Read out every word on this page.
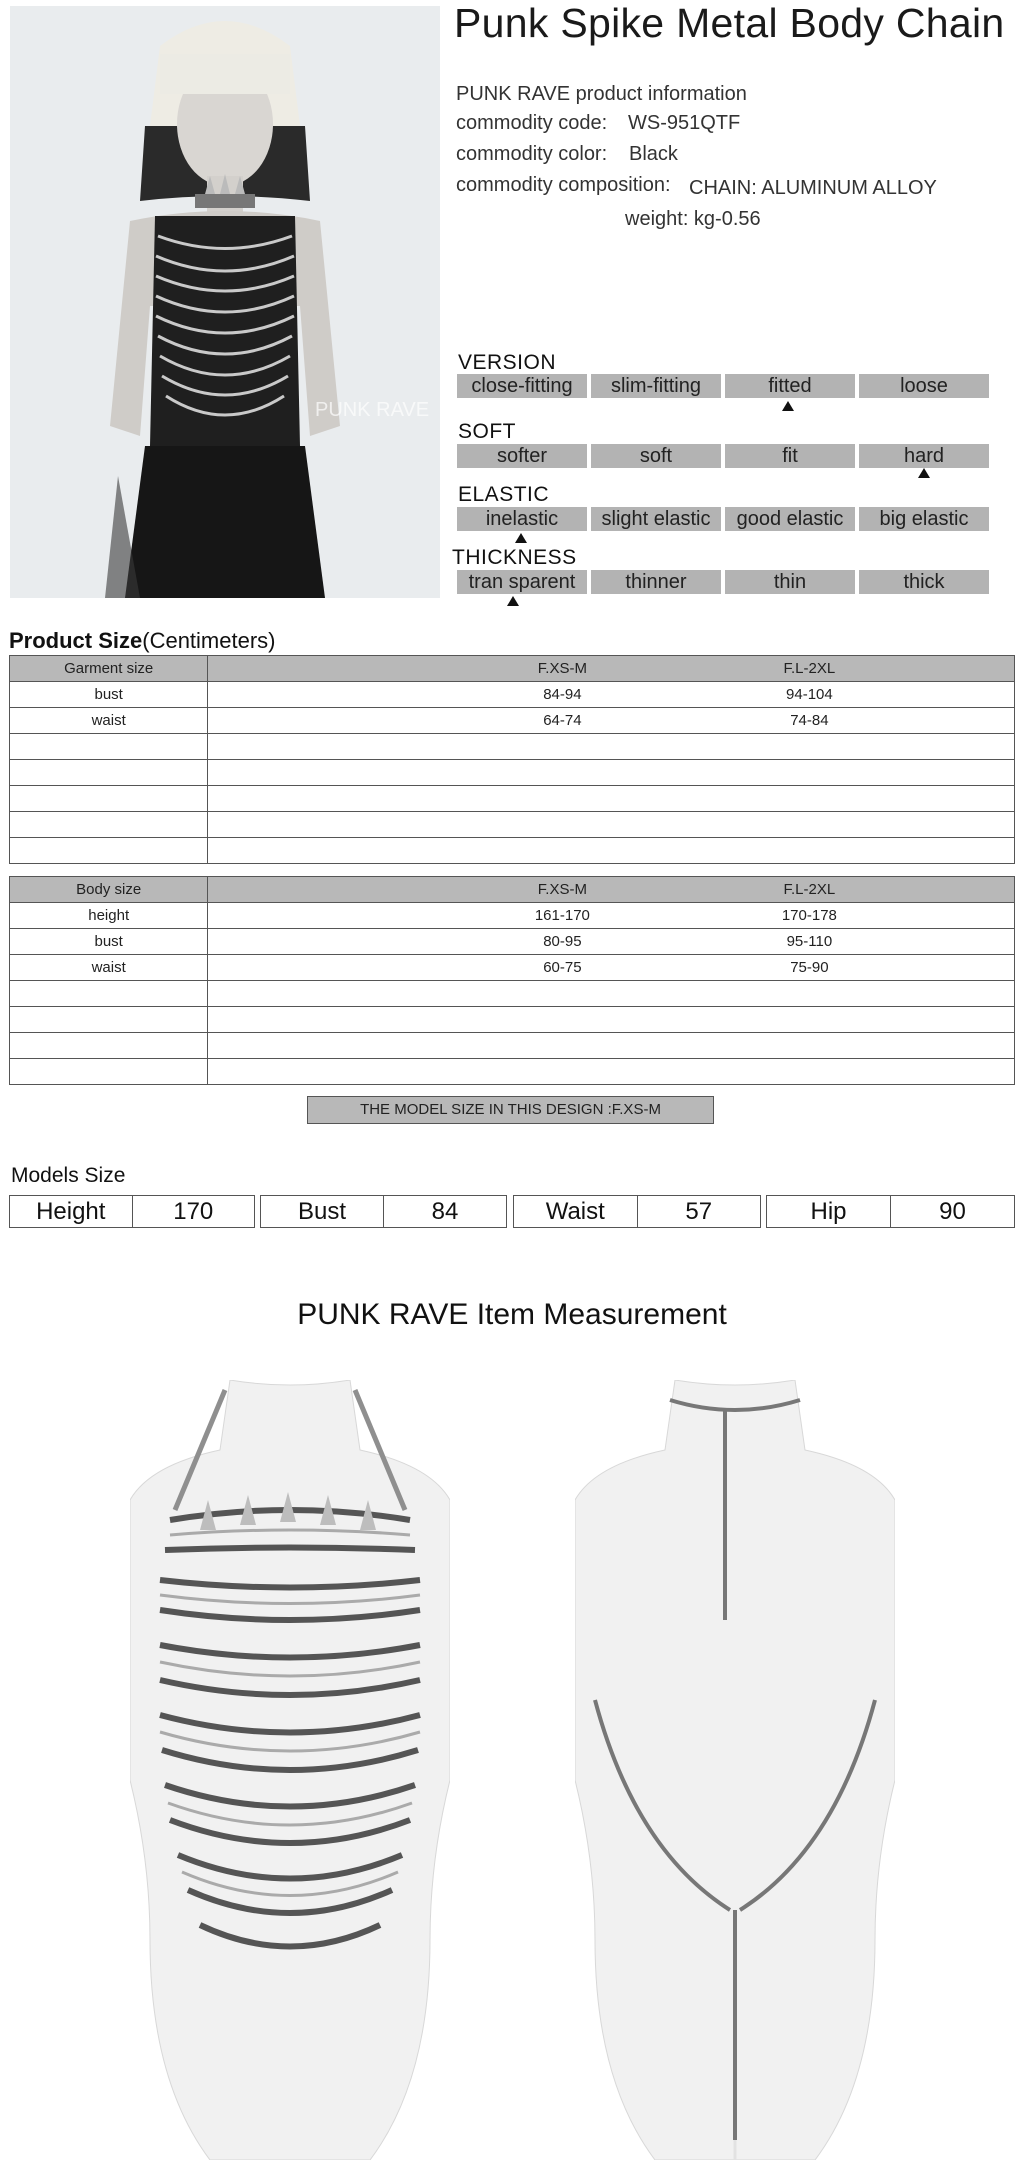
PUNK RAVE
Punk Spike Metal Body Chain
PUNK RAVE product information
commodity code: WS-951QTF
commodity color: Black
commodity composition: CHAIN: ALUMINUM ALLOY
weight: kg-0.56
VERSION
close-fitting	slim-fitting	fitted	loose
SOFT
softer	soft	fit	hard
ELASTIC
inelastic	slight elastic	good elastic	big elastic
THICKNESS
tran sparent	thinner	thin	thick
Product Size(Centimeters)
Garment size	F.XS-M F.L-2XL

bust	84-94 94-104

waist	64-74 74-84

Body size	F.XS-M F.L-2XL

height	161-170 170-178

bust	80-95 95-110

waist	60-75 75-90

THE MODEL SIZE IN THIS DESIGN :F.XS-M
Models Size
Height	170	Bust	84	Waist	57	Hip	90
PUNK RAVE Item Measurement
